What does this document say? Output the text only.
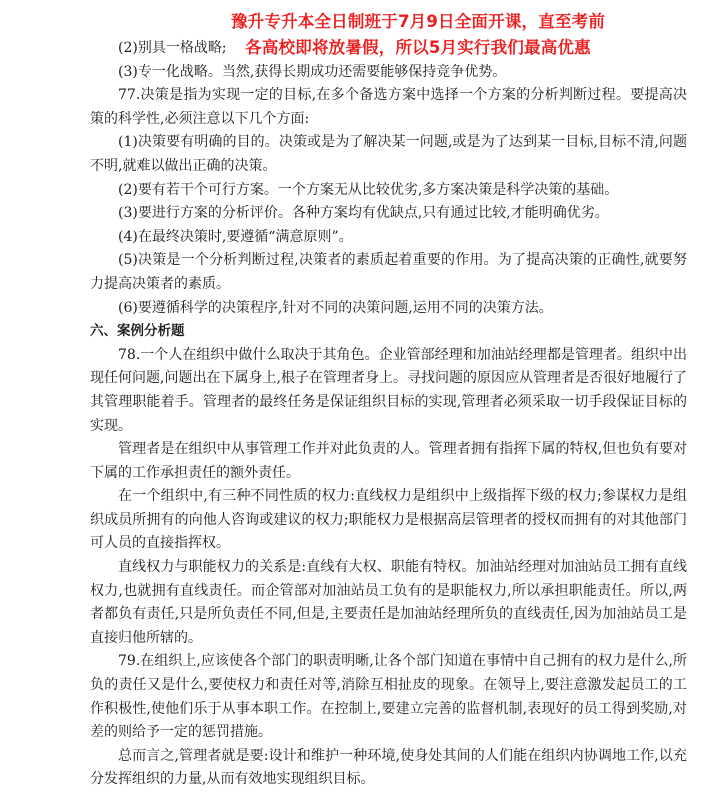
豫升专升本全日制班于7月9日全面开课，直至考前
各高校即将放暑假，所以5月实行我们最高优惠

(2)别具一格战略;

(3)专一化战略。当然,获得长期成功还需要能够保持竞争优势。

77.决策是指为实现一定的目标,在多个备选方案中选择一个方案的分析判断过程。要提高决策的科学性,必须注意以下几个方面:

(1)决策要有明确的目的。决策或是为了解决某一问题,或是为了达到某一目标,目标不清,问题不明,就难以做出正确的决策。

(2)要有若干个可行方案。一个方案无从比较优劣,多方案决策是科学决策的基础。

(3)要进行方案的分析评价。各种方案均有优缺点,只有通过比较,才能明确优劣。

(4)在最终决策时,要遵循“满意原则”。

(5)决策是一个分析判断过程,决策者的素质起着重要的作用。为了提高决策的正确性,就要努力提高决策者的素质。

(6)要遵循科学的决策程序,针对不同的决策问题,运用不同的决策方法。

六、案例分析题

78.一个人在组织中做什么取决于其角色。企业管部经理和加油站经理都是管理者。组织中出现任何问题,问题出在下属身上,根子在管理者身上。寻找问题的原因应从管理者是否很好地履行了其管理职能着手。管理者的最终任务是保证组织目标的实现,管理者必须采取一切手段保证目标的实现。

管理者是在组织中从事管理工作并对此负责的人。管理者拥有指挥下属的特权,但也负有要对下属的工作承担责任的额外责任。

在一个组织中,有三种不同性质的权力:直线权力是组织中上级指挥下级的权力;参谋权力是组织成员所拥有的向他人咨询或建议的权力;职能权力是根据高层管理者的授权而拥有的对其他部门可人员的直接指挥权。

直线权力与职能权力的关系是:直线有大权、职能有特权。加油站经理对加油站员工拥有直线权力,也就拥有直线责任。而企管部对加油站员工负有的是职能权力,所以承担职能责任。所以,两者都负有责任,只是所负责任不同,但是,主要责任是加油站经理所负的直线责任,因为加油站员工是直接归他所辖的。

79.在组织上,应该使各个部门的职责明晰,让各个部门知道在事情中自己拥有的权力是什么,所负的责任又是什么,要使权力和责任对等,消除互相扯皮的现象。在领导上,要注意激发起员工的工作积极性,使他们乐于从事本职工作。在控制上,要建立完善的监督机制,表现好的员工得到奖励,对差的则给予一定的惩罚措施。

总而言之,管理者就是要:设计和维护一种环境,使身处其间的人们能在组织内协调地工作,以充分发挥组织的力量,从而有效地实现组织目标。
